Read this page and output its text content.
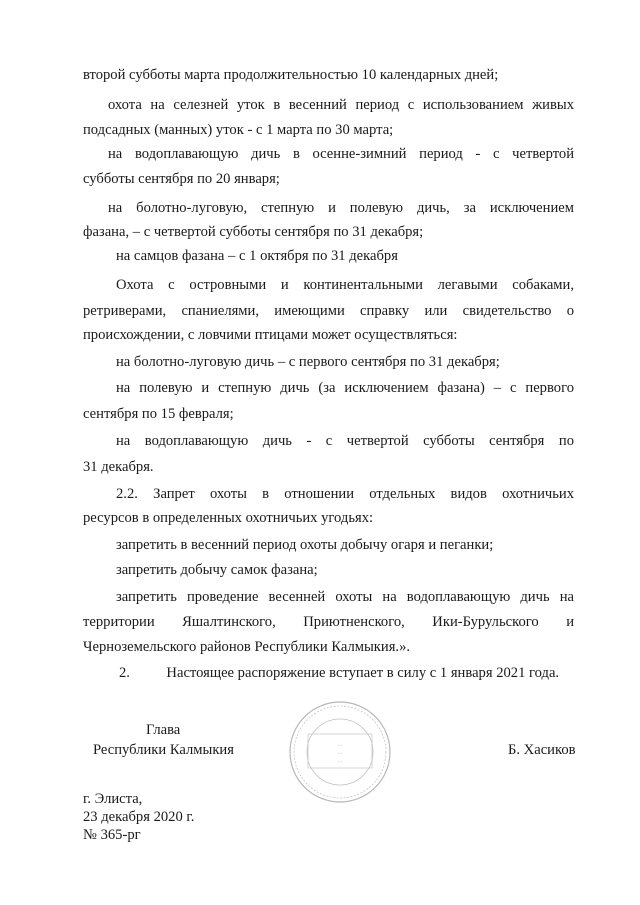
второй субботы марта продолжительностью 10 календарных дней;
охота на селезней уток в весенний период с использованием живых
подсадных (манных) уток - с 1 марта по 30 марта;
на водоплавающую дичь в осенне-зимний период - с четвертой
субботы сентября по 20 января;
на болотно-луговую, степную и полевую дичь, за исключением
фазана, – с четвертой субботы сентября по 31 декабря;
на самцов фазана – с 1 октября по 31 декабря
Охота с островными и континентальными легавыми собаками,
ретриверами, спаниелями, имеющими справку или свидетельство о
происхождении, с ловчими птицами может осуществляться:
на болотно-луговую дичь – с первого сентября по 31 декабря;
на полевую и степную дичь (за исключением фазана) – с первого
сентября по 15 февраля;
на водоплавающую дичь - с четвертой субботы сентября по
31 декабря.
2.2. Запрет охоты в отношении отдельных видов охотничьих
ресурсов в определенных охотничьих угодьях:
запретить в весенний период охоты добычу огаря и пеганки;
запретить добычу самок фазана;
запретить проведение весенней охоты на водоплавающую дичь на
территории Яшалтинского, Приютненского, Ики-Бурульского и
Черноземельского районов Республики Калмыкия.».
2.          Настоящее распоряжение вступает в силу с 1 января 2021 года.
Глава
Республики Калмыкия	Б. Хасиков
...
...
...
г. Элиста,
23 декабря 2020 г.
№ 365-рг
